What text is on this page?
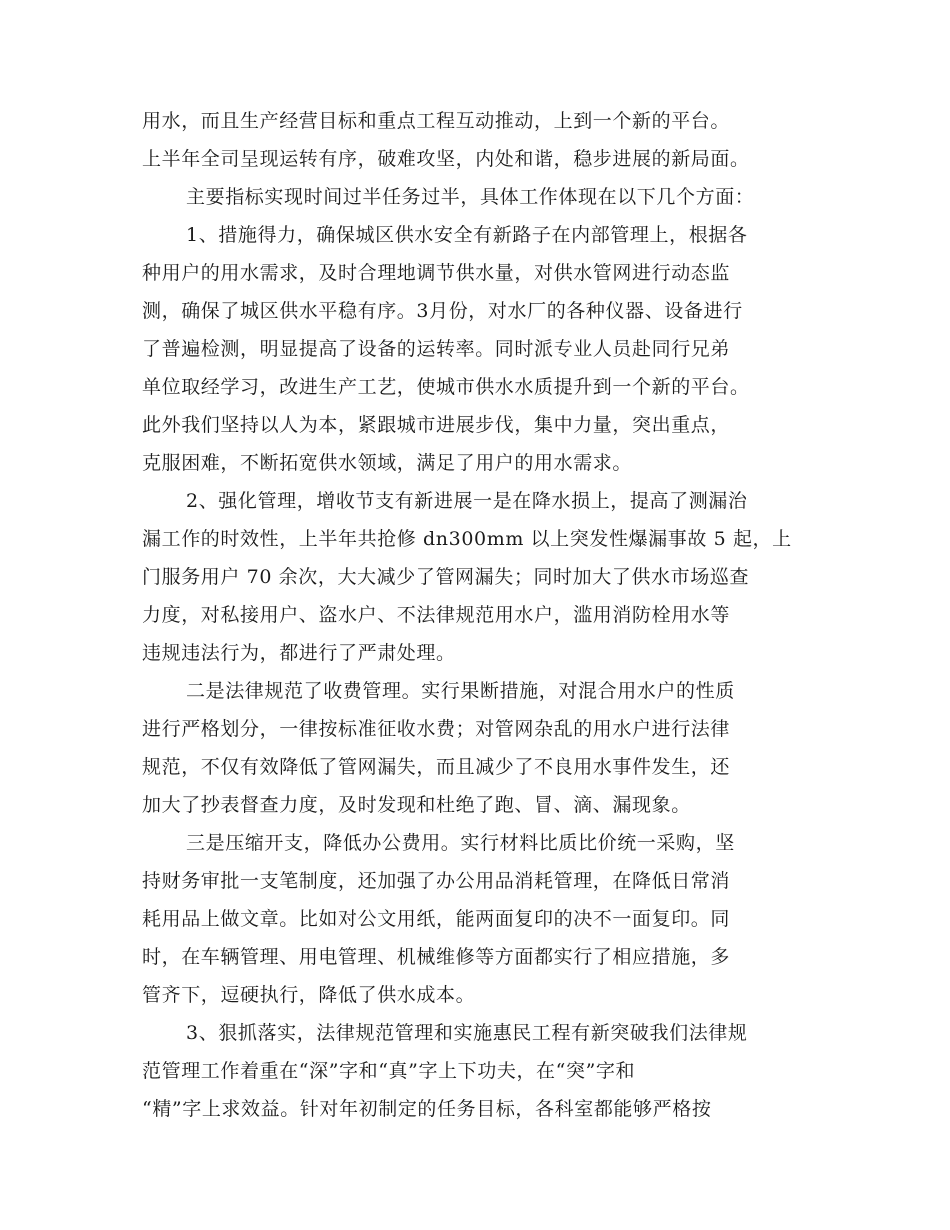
用水，而且生产经营目标和重点工程互动推动，上到一个新的平台。
上半年全司呈现运转有序，破难攻坚，内处和谐，稳步进展的新局面。
主要指标实现时间过半任务过半，具体工作体现在以下几个方面：
1、措施得力，确保城区供水安全有新路子在内部管理上，根据各
种用户的用水需求，及时合理地调节供水量，对供水管网进行动态监
测，确保了城区供水平稳有序。3月份，对水厂的各种仪器、设备进行
了普遍检测，明显提高了设备的运转率。同时派专业人员赴同行兄弟
单位取经学习，改进生产工艺，使城市供水水质提升到一个新的平台。
此外我们坚持以人为本，紧跟城市进展步伐，集中力量，突出重点，
克服困难，不断拓宽供水领域，满足了用户的用水需求。
2、强化管理，增收节支有新进展一是在降水损上，提高了测漏治
漏工作的时效性，上半年共抢修 dn300mm 以上突发性爆漏事故 5 起，上
门服务用户 70 余次，大大减少了管网漏失；同时加大了供水市场巡查
力度，对私接用户、盗水户、不法律规范用水户，滥用消防栓用水等
违规违法行为，都进行了严肃处理。
二是法律规范了收费管理。实行果断措施，对混合用水户的性质
进行严格划分，一律按标准征收水费；对管网杂乱的用水户进行法律
规范，不仅有效降低了管网漏失，而且减少了不良用水事件发生，还
加大了抄表督查力度，及时发现和杜绝了跑、冒、滴、漏现象。
三是压缩开支，降低办公费用。实行材料比质比价统一采购，坚
持财务审批一支笔制度，还加强了办公用品消耗管理，在降低日常消
耗用品上做文章。比如对公文用纸，能两面复印的决不一面复印。同
时，在车辆管理、用电管理、机械维修等方面都实行了相应措施，多
管齐下，逗硬执行，降低了供水成本。
3、狠抓落实，法律规范管理和实施惠民工程有新突破我们法律规
范管理工作着重在“深”字和“真”字上下功夫，在“突”字和
“精”字上求效益。针对年初制定的任务目标，各科室都能够严格按
